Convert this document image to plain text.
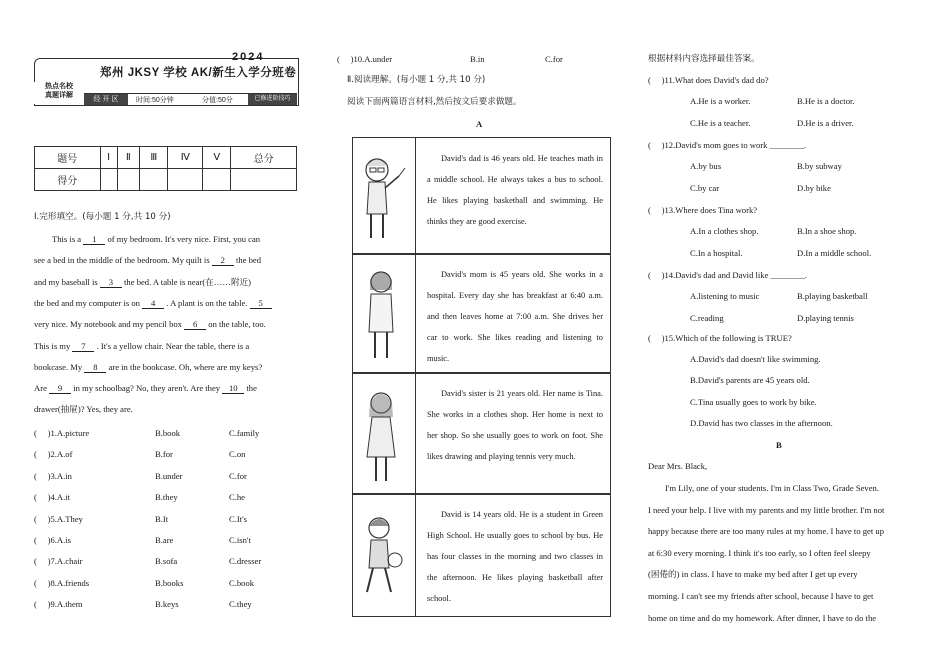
2024
郑州 JKSY 学校 AK/新生入学分班卷
热点名校
真题详解
经 开 区	时间:50分钟	分值:50分	已修进阶技巧
题号	Ⅰ	Ⅱ	Ⅲ	Ⅳ	Ⅴ	总分
得分						
Ⅰ.完形填空。(每小题 1 分,共 10 分)
This is a 1 of my bedroom. It's very nice. First, you can
see a bed in the middle of the bedroom. My quilt is 2 the bed
and my baseball is 3 the bed. A table is near(在……附近)
the bed and my computer is on 4 . A plant is on the table. 5
very nice. My notebook and my pencil box 6 on the table, too.
This is my 7 . It's a yellow chair. Near the table, there is a
bookcase. My 8 are in the bookcase. Oh, where are my keys?
Are 9 in my schoolbag? No, they aren't. Are they 10 the
drawer(抽屉)? Yes, they are.
(     )1.A.picture	B.book	C.family
(     )2.A.of	B.for	C.on
(     )3.A.in	B.under	C.for
(     )4.A.it	B.they	C.he
(     )5.A.They	B.It	C.It's
(     )6.A.is	B.are	C.isn't
(     )7.A.chair	B.sofa	C.dresser
(     )8.A.friends	B.books	C.book
(     )9.A.them	B.keys	C.they
(     )10.A.under	B.in	C.for
Ⅱ.阅读理解。(每小题 1 分,共 10 分)
阅读下面两篇语言材料,然后按文后要求做题。
A
David's dad is 46 years old. He teaches math in a middle school. He always takes a bus to school. He likes playing basketball and swimming. He thinks they are good exercise.
David's mom is 45 years old. She works in a hospital. Every day she has breakfast at 6:40 a.m. and then leaves home at 7:00 a.m. She drives her car to work. She likes reading and listening to music.
David's sister is 21 years old. Her name is Tina. She works in a clothes shop. Her home is next to her shop. So she usually goes to work on foot. She likes drawing and playing tennis very much.
David is 14 years old. He is a student in Green High School. He usually goes to school by bus. He has four classes in the morning and two classes in the afternoon. He likes playing basketball after school.
根据材料内容选择最佳答案。
(     )11.What does David's dad do?
A.He is a worker.	B.He is a doctor.
C.He is a teacher.	D.He is a driver.
(     )12.David's mom goes to work ________.
A.by bus	B.by subway
C.by car	D.by bike
(     )13.Where does Tina work?
A.In a clothes shop.	B.In a shoe shop.
C.In a hospital.	D.In a middle school.
(     )14.David's dad and David like ________.
A.listening to music	B.playing basketball
C.reading	D.playing tennis
(     )15.Which of the following is TRUE?
A.David's dad doesn't like swimming.
B.David's parents are 45 years old.
C.Tina usually goes to work by bike.
D.David has two classes in the afternoon.
B
Dear Mrs. Black,
I'm Lily, one of your students. I'm in Class Two, Grade Seven.
I need your help. I live with my parents and my little brother. I'm not
happy because there are too many rules at my home. I have to get up
at 6:30 every morning. I think it's too early, so I often feel sleepy
(困倦的) in class. I have to make my bed after I get up every
morning. I can't see my friends after school, because I have to get
home on time and do my homework. After dinner, I have to do the
